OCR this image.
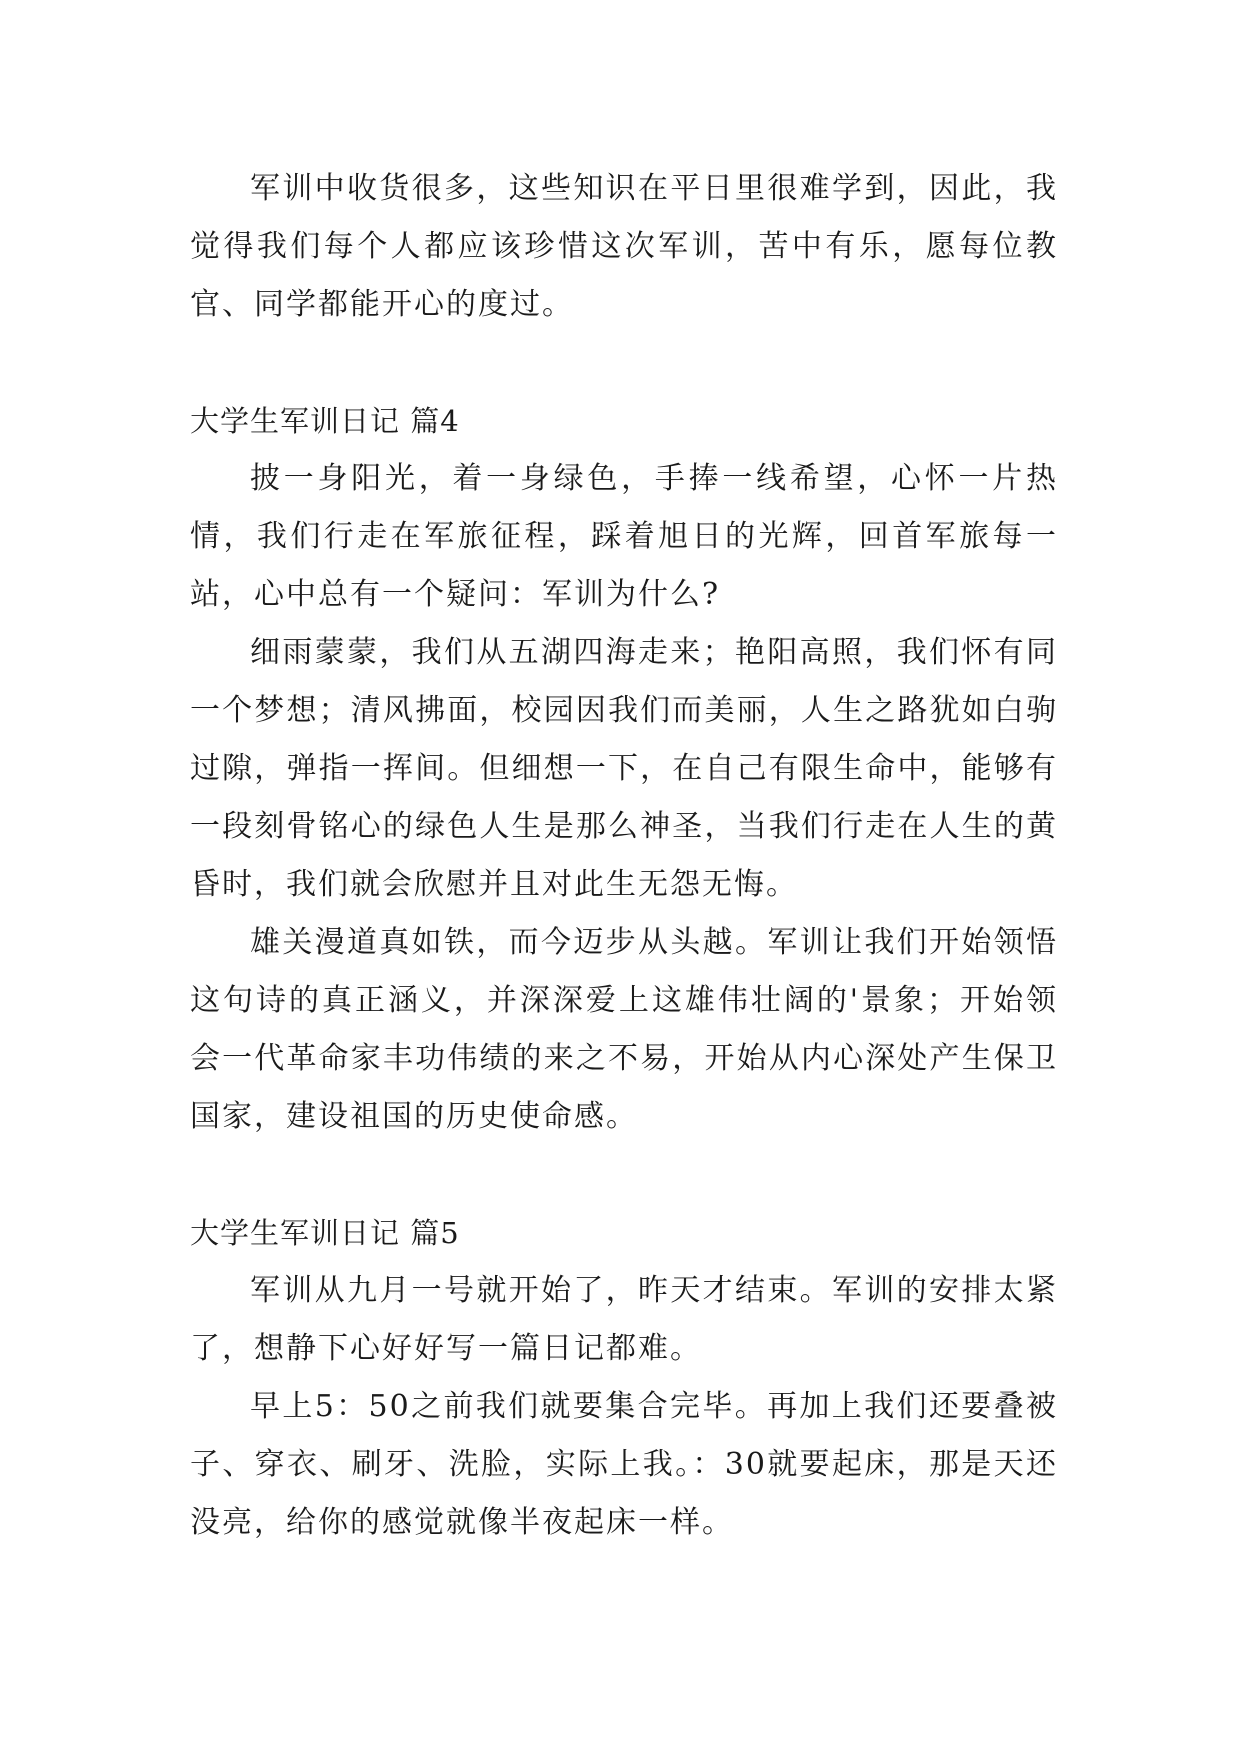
军训中收货很多，这些知识在平日里很难学到，因此，我觉得我们每个人都应该珍惜这次军训，苦中有乐，愿每位教官、同学都能开心的度过。

大学生军训日记 篇4

披一身阳光，着一身绿色，手捧一线希望，心怀一片热情，我们行走在军旅征程，踩着旭日的光辉，回首军旅每一站，心中总有一个疑问：军训为什么?

细雨蒙蒙，我们从五湖四海走来；艳阳高照，我们怀有同一个梦想；清风拂面，校园因我们而美丽，人生之路犹如白驹过隙，弹指一挥间。但细想一下，在自己有限生命中，能够有一段刻骨铭心的绿色人生是那么神圣，当我们行走在人生的黄昏时，我们就会欣慰并且对此生无怨无悔。

雄关漫道真如铁，而今迈步从头越。军训让我们开始领悟这句诗的真正涵义，并深深爱上这雄伟壮阔的'景象；开始领会一代革命家丰功伟绩的来之不易，开始从内心深处产生保卫国家，建设祖国的历史使命感。

大学生军训日记 篇5

军训从九月一号就开始了，昨天才结束。军训的安排太紧了，想静下心好好写一篇日记都难。

早上5：50之前我们就要集合完毕。再加上我们还要叠被子、穿衣、刷牙、洗脸，实际上我。：30就要起床，那是天还没亮，给你的感觉就像半夜起床一样。
